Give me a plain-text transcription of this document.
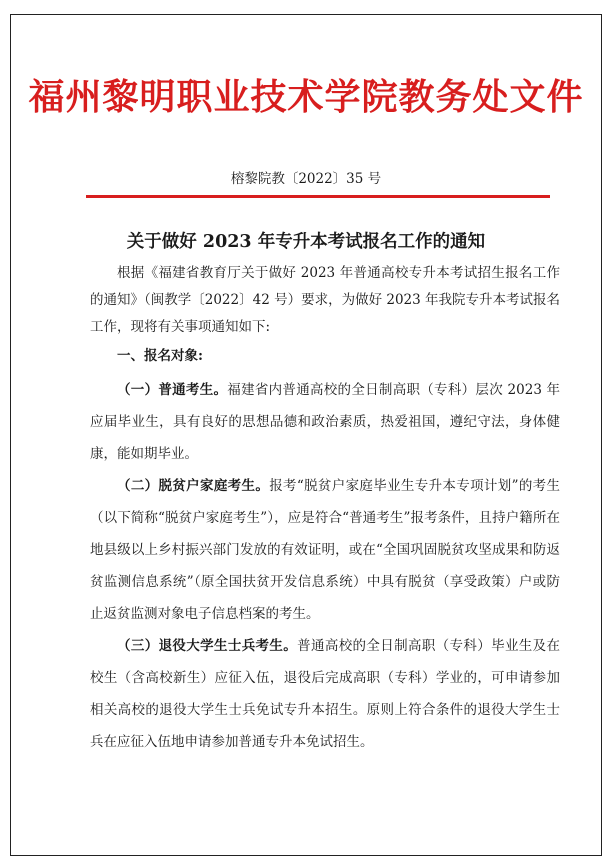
福州黎明职业技术学院教务处文件
榕黎院教〔2022〕35 号
关于做好 2023 年专升本考试报名工作的通知

根据《福建省教育厅关于做好 2023 年普通高校专升本考试招生报名工作的通知》（闽教学〔2022〕42 号）要求，为做好 2023 年我院专升本考试报名工作，现将有关事项通知如下:

一、报名对象:

（一）普通考生。福建省内普通高校的全日制高职（专科）层次 2023 年应届毕业生，具有良好的思想品德和政治素质，热爱祖国，遵纪守法，身体健康，能如期毕业。

（二）脱贫户家庭考生。报考“脱贫户家庭毕业生专升本专项计划”的考生（以下简称“脱贫户家庭考生”），应是符合“普通考生”报考条件，且持户籍所在地县级以上乡村振兴部门发放的有效证明，或在“全国巩固脱贫攻坚成果和防返贫监测信息系统”（原全国扶贫开发信息系统）中具有脱贫（享受政策）户或防止返贫监测对象电子信息档案的考生。

（三）退役大学生士兵考生。普通高校的全日制高职（专科）毕业生及在校生（含高校新生）应征入伍，退役后完成高职（专科）学业的，可申请参加相关高校的退役大学生士兵免试专升本招生。原则上符合条件的退役大学生士兵在应征入伍地申请参加普通专升本免试招生。
